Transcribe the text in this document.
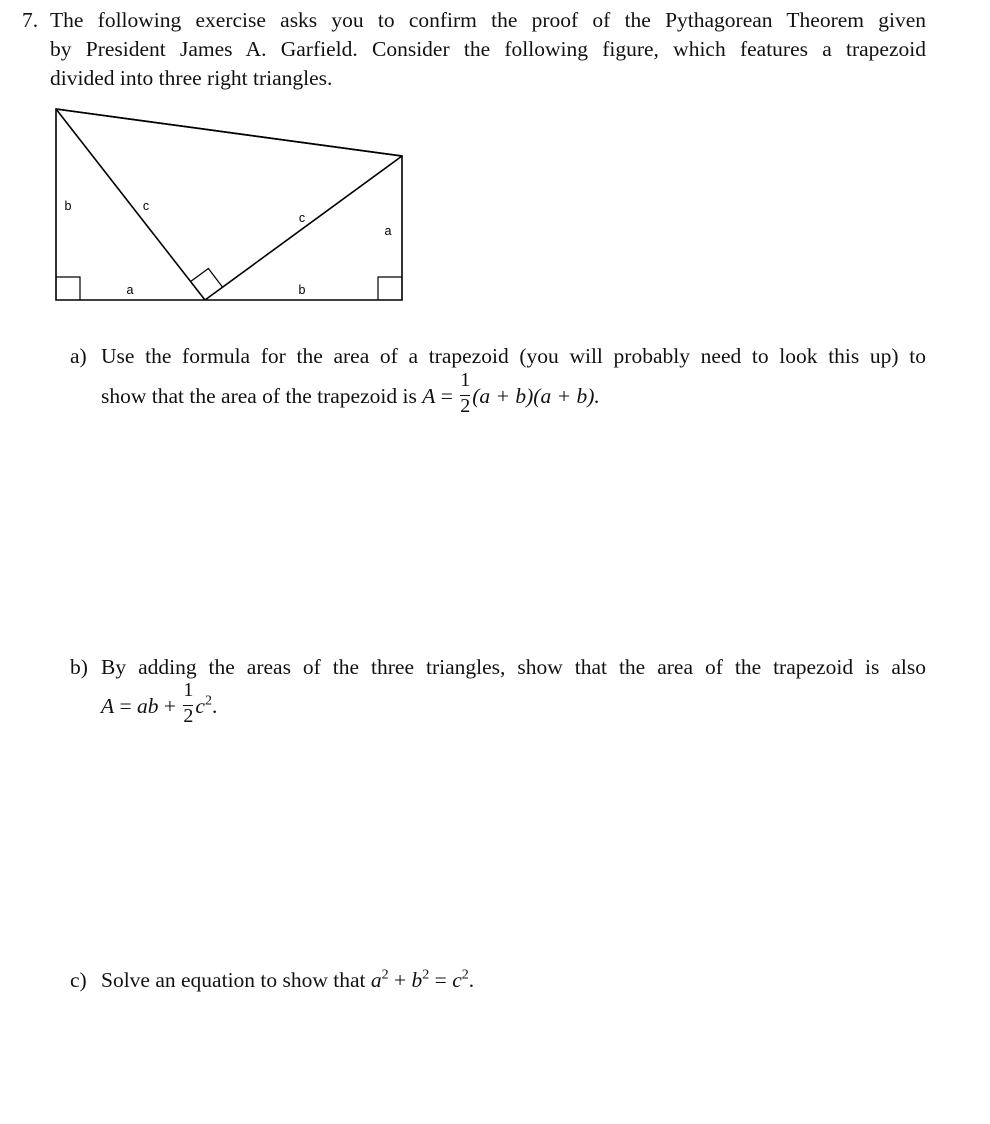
7. The following exercise asks you to confirm the proof of the Pythagorean Theorem given
by President James A. Garfield. Consider the following figure, which features a trapezoid
divided into three right triangles.
b	c
c
a
a	b
a) Use the formula for the area of a trapezoid (you will probably need to look this up) to
show that the area of the trapezoid is $A = \frac{1}{2} (a + b)(a + b)$.
b) By adding the areas of the three triangles, show that the area of the trapezoid is also
A = ab + $\frac{1}{2} c^2$.
c) Solve an equation to show that $a^2 + b^2 = c^2$.
